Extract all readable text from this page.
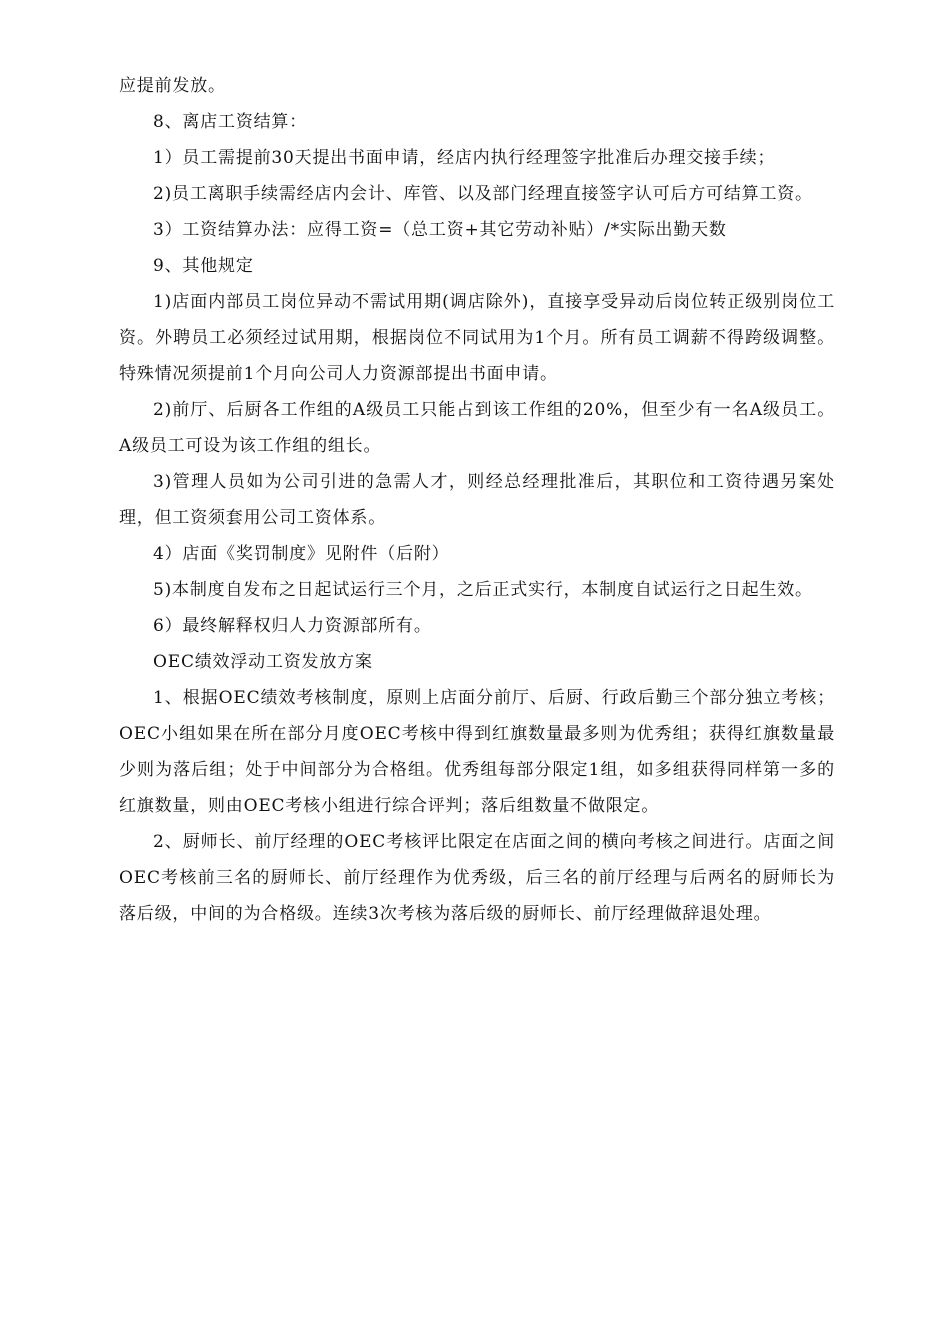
应提前发放。

8、离店工资结算：

1）员工需提前30天提出书面申请，经店内执行经理签字批准后办理交接手续；

2)员工离职手续需经店内会计、库管、以及部门经理直接签字认可后方可结算工资。

3）工资结算办法：应得工资=（总工资+其它劳动补贴）/*实际出勤天数

9、其他规定

1)店面内部员工岗位异动不需试用期(调店除外)，直接享受异动后岗位转正级别岗位工资。外聘员工必须经过试用期，根据岗位不同试用为1个月。所有员工调薪不得跨级调整。特殊情况须提前1个月向公司人力资源部提出书面申请。

2)前厅、后厨各工作组的A级员工只能占到该工作组的20%，但至少有一名A级员工。A级员工可设为该工作组的组长。

3)管理人员如为公司引进的急需人才，则经总经理批准后，其职位和工资待遇另案处理，但工资须套用公司工资体系。

4）店面《奖罚制度》见附件（后附）

5)本制度自发布之日起试运行三个月，之后正式实行，本制度自试运行之日起生效。

6）最终解释权归人力资源部所有。

OEC绩效浮动工资发放方案

1、根据OEC绩效考核制度，原则上店面分前厅、后厨、行政后勤三个部分独立考核；OEC小组如果在所在部分月度OEC考核中得到红旗数量最多则为优秀组；获得红旗数量最少则为落后组；处于中间部分为合格组。优秀组每部分限定1组，如多组获得同样第一多的红旗数量，则由OEC考核小组进行综合评判；落后组数量不做限定。

2、厨师长、前厅经理的OEC考核评比限定在店面之间的横向考核之间进行。店面之间OEC考核前三名的厨师长、前厅经理作为优秀级，后三名的前厅经理与后两名的厨师长为落后级，中间的为合格级。连续3次考核为落后级的厨师长、前厅经理做辞退处理。
